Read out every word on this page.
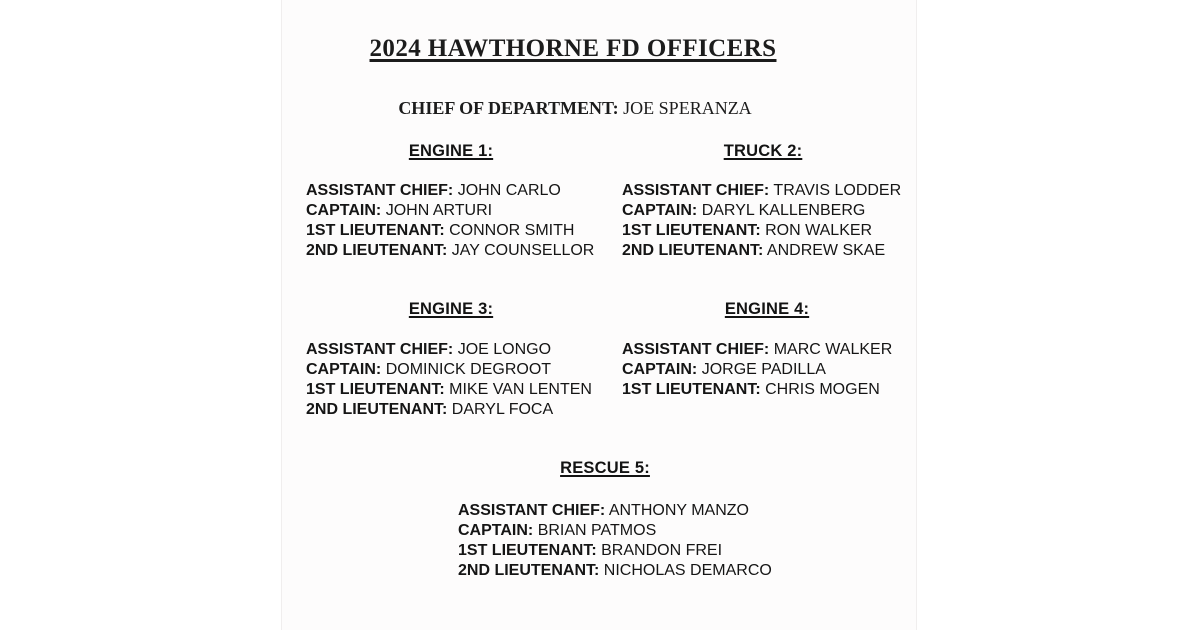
2024 HAWTHORNE FD OFFICERS

CHIEF OF DEPARTMENT: JOE SPERANZA

ENGINE 1:

ASSISTANT CHIEF: JOHN CARLO

CAPTAIN: JOHN ARTURI

1ST LIEUTENANT: CONNOR SMITH

2ND LIEUTENANT: JAY COUNSELLOR

TRUCK 2:

ASSISTANT CHIEF: TRAVIS LODDER

CAPTAIN: DARYL KALLENBERG

1ST LIEUTENANT: RON WALKER

2ND LIEUTENANT: ANDREW SKAE

ENGINE 3:

ASSISTANT CHIEF: JOE LONGO

CAPTAIN: DOMINICK DEGROOT

1ST LIEUTENANT: MIKE VAN LENTEN

2ND LIEUTENANT: DARYL FOCA

ENGINE 4:

ASSISTANT CHIEF: MARC WALKER

CAPTAIN: JORGE PADILLA

1ST LIEUTENANT: CHRIS MOGEN

RESCUE 5:

ASSISTANT CHIEF: ANTHONY MANZO

CAPTAIN: BRIAN PATMOS

1ST LIEUTENANT: BRANDON FREI

2ND LIEUTENANT: NICHOLAS DEMARCO
